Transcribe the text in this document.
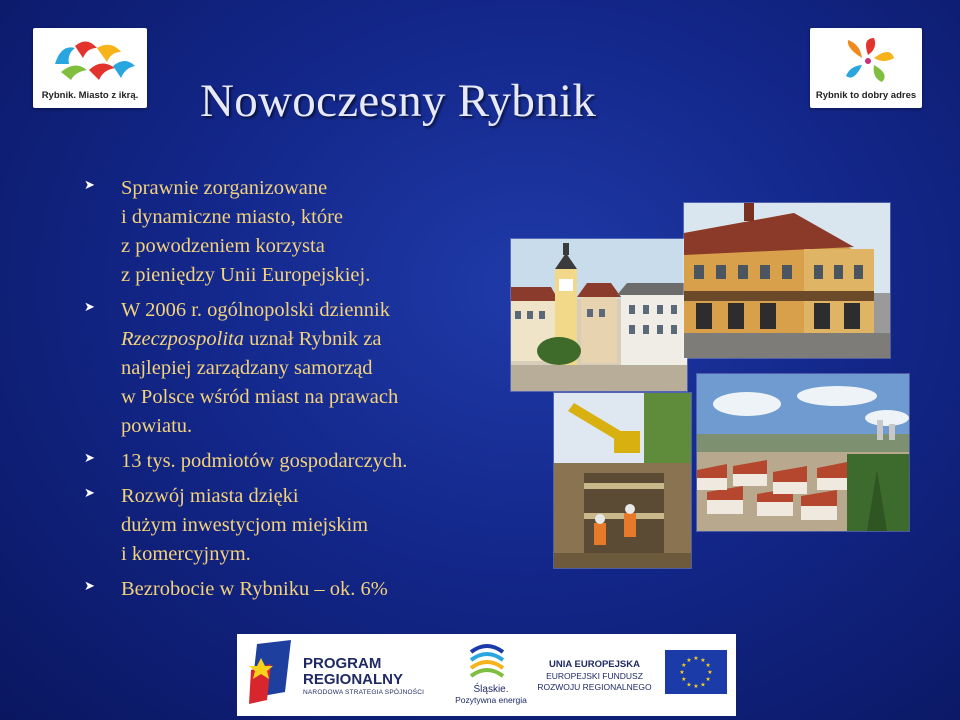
Rybnik. Miasto z ikrą.	Rybnik to dobry adres
Nowoczesny Rybnik
➤ Sprawnie zorganizowane
i dynamiczne miasto, które
z powodzeniem korzysta
z pieniędzy Unii Europejskiej.
➤ W 2006 r. ogólnopolski dziennik
Rzeczpospolita uznał Rybnik za
najlepiej zarządzany samorząd
w Polsce wśród miast na prawach
powiatu.
➤ 13 tys. podmiotów gospodarczych.
➤ Rozwój miasta dzięki
dużym inwestycjom miejskim
i komercyjnym.
➤ Bezrobocie w Rybniku – ok. 6%
PROGRAM
REGIONALNY
NARODOWA STRATEGIA SPÓJNOŚCI	Śląskie.
Pozytywna energia
UNIA EUROPEJSKA
EUROPEJSKI FUNDUSZ
ROZWOJU REGIONALNEGO
★
★
★
★
★
★
★
★
★ ★ ★
★
